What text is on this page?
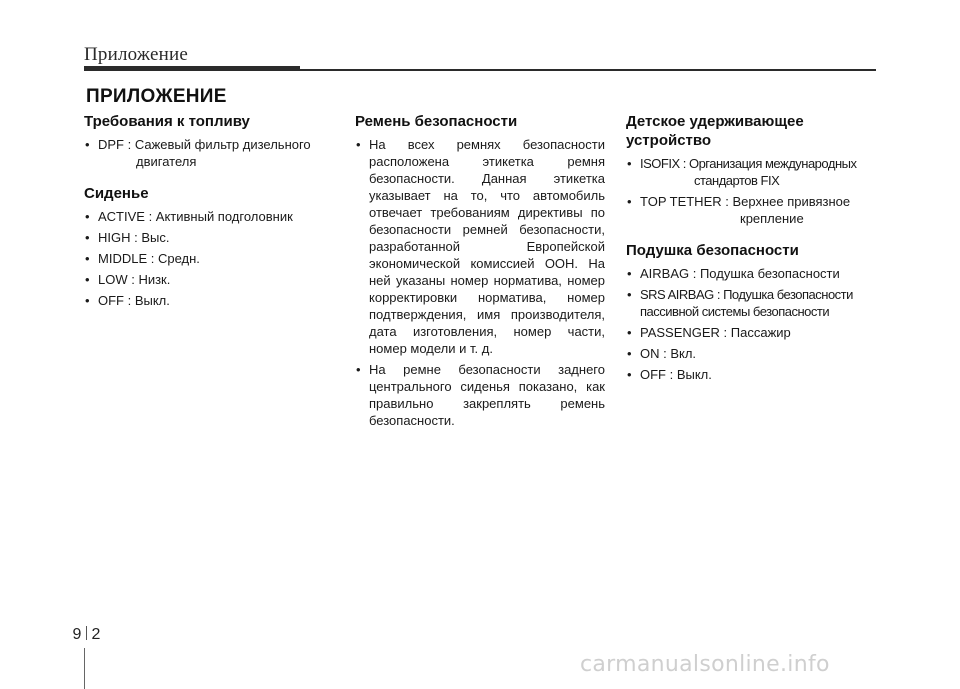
Приложение
ПРИЛОЖЕНИЕ
Требования к топливу
• DPF : Сажевый фильтр дизельного
двигателя
Сиденье
• ACTIVE : Активный подголовник
• HIGH : Выс.
• MIDDLE : Средн.
• LOW : Низк.
• OFF : Выкл.
Ремень безопасности
• На всех ремнях безопасности расположена этикетка ремня безопасности. Данная этикетка указывает на то, что автомобиль отвечает требованиям директивы по безопасности ремней безопасности, разработанной Европейской экономической комиссией ООН. На ней указаны номер норматива, номер корректировки норматива, номер подтверждения, имя производителя, дата изготовления, номер части, номер модели и т. д.
• На ремне безопасности заднего центрального сиденья показано, как правильно закреплять ремень безопасности.
Детское удерживающее
устройство
• ISOFIX : Организация международных
стандартов FIX
• TOP TETHER : Верхнее привязное
крепление
Подушка безопасности
• AIRBAG : Подушка безопасности
• SRS AIRBAG : Подушка безопасности
пассивной системы безопасности
• PASSENGER : Пассажир
• ON : Вкл.
• OFF : Выкл.
9 2
carmanualsonline.info
